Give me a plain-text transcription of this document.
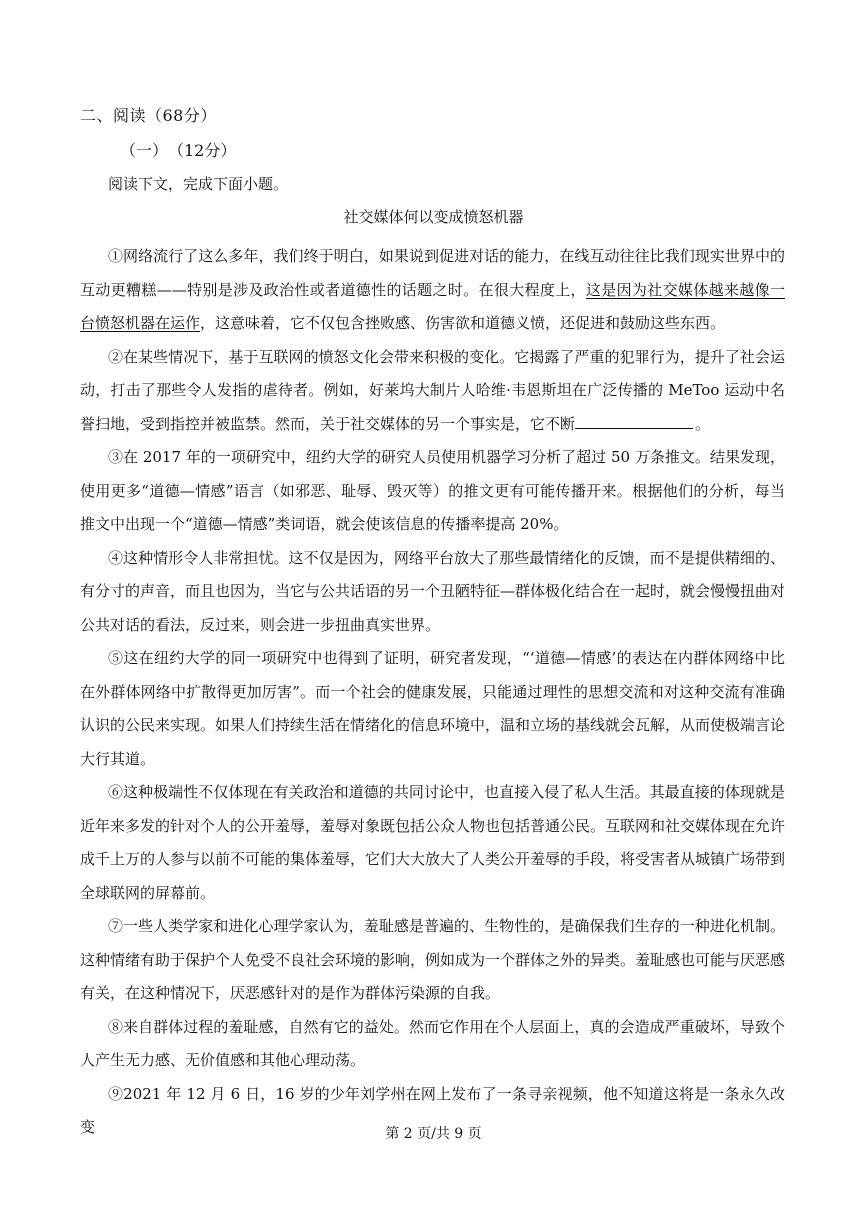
二、阅读（68分）
（一）　（12分）
阅读下文，完成下面小题。
社交媒体何以变成愤怒机器

①网络流行了这么多年，我们终于明白，如果说到促进对话的能力，在线互动往往比我们现实世界中的互动更糟糕——特别是涉及政治性或者道德性的话题之时。在很大程度上，这是因为社交媒体越来越像一台愤怒机器在运作，这意味着，它不仅包含挫败感、伤害欲和道德义愤，还促进和鼓励这些东西。

②在某些情况下，基于互联网的愤怒文化会带来积极的变化。它揭露了严重的犯罪行为，提升了社会运动，打击了那些令人发指的虐待者。例如，好莱坞大制片人哈维·韦恩斯坦在广泛传播的 MeToo 运动中名誉扫地，受到指控并被监禁。然而，关于社交媒体的另一个事实是，它不断	。

③在 2017 年的一项研究中，纽约大学的研究人员使用机器学习分析了超过 50 万条推文。结果发现，使用更多“道德—情感”语言（如邪恶、耻辱、毁灭等）的推文更有可能传播开来。根据他们的分析，每当推文中出现一个“道德—情感”类词语，就会使该信息的传播率提高 20%。

④这种情形令人非常担忧。这不仅是因为，网络平台放大了那些最情绪化的反馈，而不是提供精细的、有分寸的声音，而且也因为，当它与公共话语的另一个丑陋特征—群体极化结合在一起时，就会慢慢扭曲对公共对话的看法，反过来，则会进一步扭曲真实世界。

⑤这在纽约大学的同一项研究中也得到了证明，研究者发现，“‘道德—情感’的表达在内群体网络中比在外群体网络中扩散得更加厉害”。而一个社会的健康发展，只能通过理性的思想交流和对这种交流有准确认识的公民来实现。如果人们持续生活在情绪化的信息环境中，温和立场的基线就会瓦解，从而使极端言论大行其道。

⑥这种极端性不仅体现在有关政治和道德的共同讨论中，也直接入侵了私人生活。其最直接的体现就是近年来多发的针对个人的公开羞辱，羞辱对象既包括公众人物也包括普通公民。互联网和社交媒体现在允许成千上万的人参与以前不可能的集体羞辱，它们大大放大了人类公开羞辱的手段，将受害者从城镇广场带到全球联网的屏幕前。

⑦一些人类学家和进化心理学家认为，羞耻感是普遍的、生物性的，是确保我们生存的一种进化机制。这种情绪有助于保护个人免受不良社会环境的影响，例如成为一个群体之外的异类。羞耻感也可能与厌恶感有关，在这种情况下，厌恶感针对的是作为群体污染源的自我。

⑧来自群体过程的羞耻感，自然有它的益处。然而它作用在个人层面上，真的会造成严重破坏，导致个人产生无力感、无价值感和其他心理动荡。

⑨2021 年 12 月 6 日，16 岁的少年刘学州在网上发布了一条寻亲视频，他不知道这将是一条永久改变	第 2 页/共 9 页
